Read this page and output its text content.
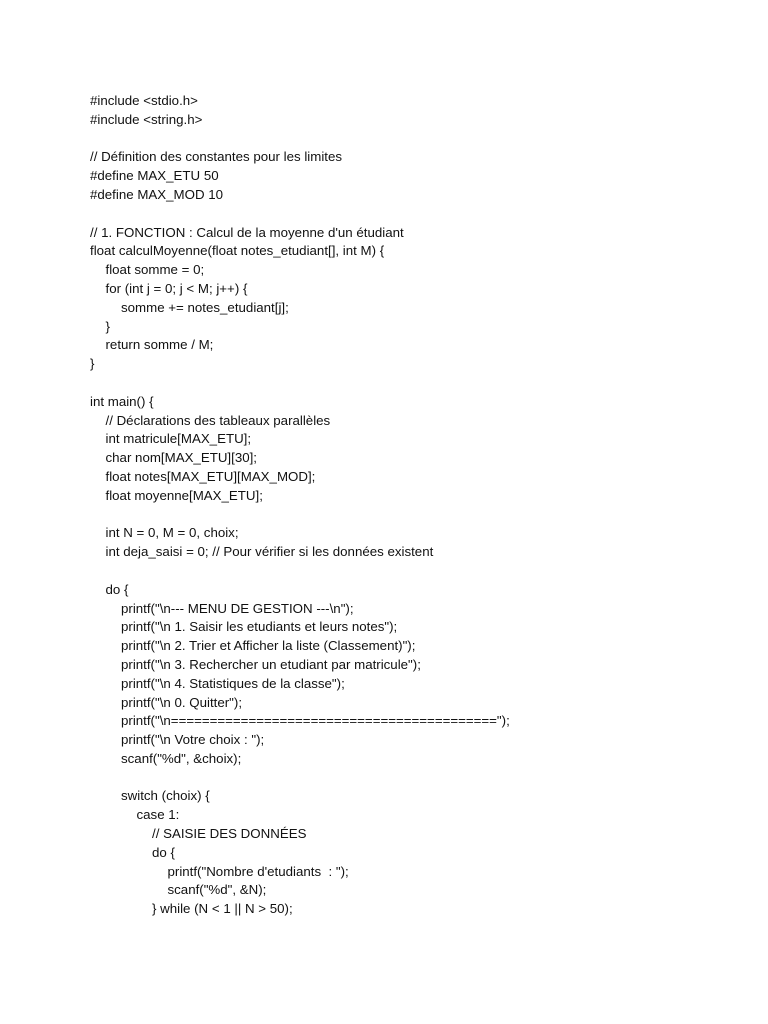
#include <stdio.h>
#include <string.h>
// Définition des constantes pour les limites
#define MAX_ETU 50
#define MAX_MOD 10
// 1. FONCTION : Calcul de la moyenne d'un étudiant
float calculMoyenne(float notes_etudiant[], int M) {
float somme = 0;
for (int j = 0; j < M; j++) {
somme += notes_etudiant[j];
}
return somme / M;
}
int main() {
// Déclarations des tableaux parallèles
int matricule[MAX_ETU];
char nom[MAX_ETU][30];
float notes[MAX_ETU][MAX_MOD];
float moyenne[MAX_ETU];
int N = 0, M = 0, choix;
int deja_saisi = 0; // Pour vérifier si les données existent
do {
printf("\n--- MENU DE GESTION ---\n");
printf("\n 1. Saisir les etudiants et leurs notes");
printf("\n 2. Trier et Afficher la liste (Classement)");
printf("\n 3. Rechercher un etudiant par matricule");
printf("\n 4. Statistiques de la classe");
printf("\n 0. Quitter");
printf("\n==========================================");
printf("\n Votre choix : ");
scanf("%d", &choix);
switch (choix) {
case 1:
// SAISIE DES DONNÉES
do {
printf("Nombre d'etudiants  : ");
scanf("%d", &N);
} while (N < 1 || N > 50);
